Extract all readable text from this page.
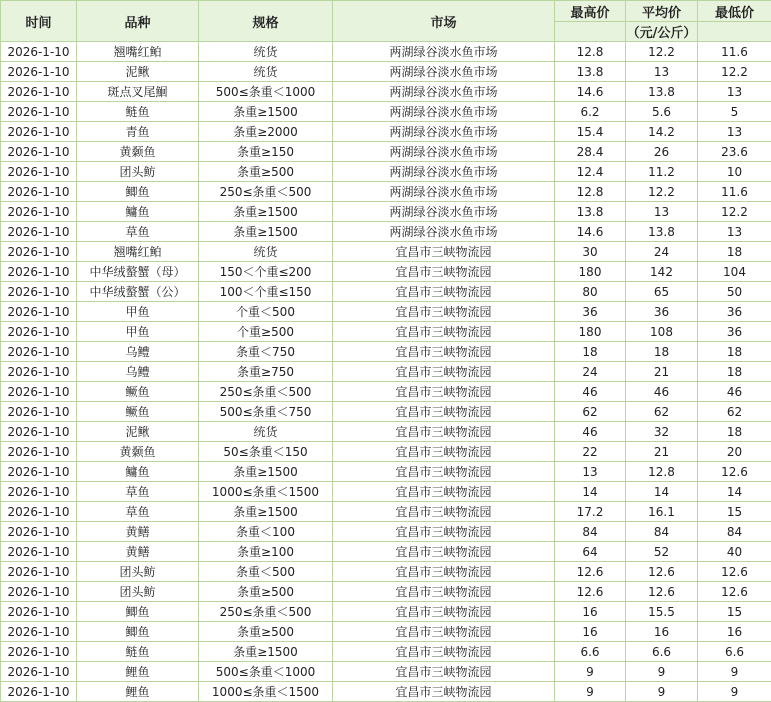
时间	品种	规格	市场	最高价	平均价	最低价
					（元/公斤）	
2026-1-10	翘嘴红鲌	统货	两湖绿谷淡水鱼市场	12.8	12.2	11.6
2026-1-10	泥鳅	统货	两湖绿谷淡水鱼市场	13.8	13	12.2
2026-1-10	斑点叉尾鮰	500≤条重＜1000	两湖绿谷淡水鱼市场	14.6	13.8	13
2026-1-10	鲢鱼	条重≥1500	两湖绿谷淡水鱼市场	6.2	5.6	5
2026-1-10	青鱼	条重≥2000	两湖绿谷淡水鱼市场	15.4	14.2	13
2026-1-10	黄颡鱼	条重≥150	两湖绿谷淡水鱼市场	28.4	26	23.6
2026-1-10	团头鲂	条重≥500	两湖绿谷淡水鱼市场	12.4	11.2	10
2026-1-10	鲫鱼	250≤条重＜500	两湖绿谷淡水鱼市场	12.8	12.2	11.6
2026-1-10	鳙鱼	条重≥1500	两湖绿谷淡水鱼市场	13.8	13	12.2
2026-1-10	草鱼	条重≥1500	两湖绿谷淡水鱼市场	14.6	13.8	13
2026-1-10	翘嘴红鲌	统货	宜昌市三峡物流园	30	24	18
2026-1-10	中华绒螯蟹（母）	150＜个重≤200	宜昌市三峡物流园	180	142	104
2026-1-10	中华绒螯蟹（公）	100＜个重≤150	宜昌市三峡物流园	80	65	50
2026-1-10	甲鱼	个重＜500	宜昌市三峡物流园	36	36	36
2026-1-10	甲鱼	个重≥500	宜昌市三峡物流园	180	108	36
2026-1-10	乌鳢	条重＜750	宜昌市三峡物流园	18	18	18
2026-1-10	乌鳢	条重≥750	宜昌市三峡物流园	24	21	18
2026-1-10	鳜鱼	250≤条重＜500	宜昌市三峡物流园	46	46	46
2026-1-10	鳜鱼	500≤条重＜750	宜昌市三峡物流园	62	62	62
2026-1-10	泥鳅	统货	宜昌市三峡物流园	46	32	18
2026-1-10	黄颡鱼	50≤条重＜150	宜昌市三峡物流园	22	21	20
2026-1-10	鳙鱼	条重≥1500	宜昌市三峡物流园	13	12.8	12.6
2026-1-10	草鱼	1000≤条重＜1500	宜昌市三峡物流园	14	14	14
2026-1-10	草鱼	条重≥1500	宜昌市三峡物流园	17.2	16.1	15
2026-1-10	黄鳝	条重＜100	宜昌市三峡物流园	84	84	84
2026-1-10	黄鳝	条重≥100	宜昌市三峡物流园	64	52	40
2026-1-10	团头鲂	条重＜500	宜昌市三峡物流园	12.6	12.6	12.6
2026-1-10	团头鲂	条重≥500	宜昌市三峡物流园	12.6	12.6	12.6
2026-1-10	鲫鱼	250≤条重＜500	宜昌市三峡物流园	16	15.5	15
2026-1-10	鲫鱼	条重≥500	宜昌市三峡物流园	16	16	16
2026-1-10	鲢鱼	条重≥1500	宜昌市三峡物流园	6.6	6.6	6.6
2026-1-10	鲤鱼	500≤条重＜1000	宜昌市三峡物流园	9	9	9
2026-1-10	鲤鱼	1000≤条重＜1500	宜昌市三峡物流园	9	9	9
